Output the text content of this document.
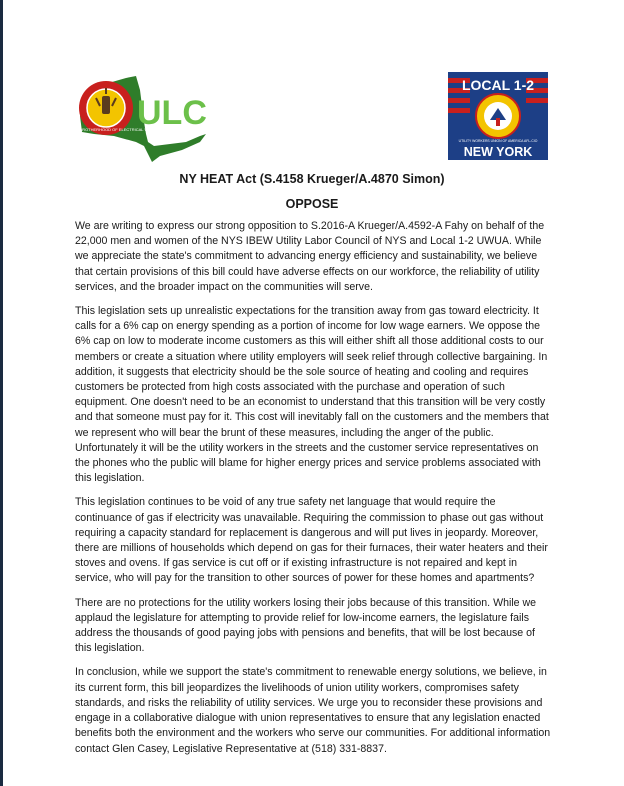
INTERNATIONAL BROTHERHOOD OF ELECTRICAL WORKERS
ULC
LOCAL 1-2
UTILITY WORKERS UNION OF AMERICA AFL-CIO
NEW YORK
NY HEAT Act (S.4158 Krueger/A.4870 Simon)
OPPOSE

We are writing to express our strong opposition to S.2016-A Krueger/A.4592-A Fahy on behalf of the 22,000 men and women of the NYS IBEW Utility Labor Council of NYS and Local 1-2 UWUA. While we appreciate the state's commitment to advancing energy efficiency and sustainability, we believe that certain provisions of this bill could have adverse effects on our workforce, the reliability of utility services, and the broader impact on the communities will serve.

This legislation sets up unrealistic expectations for the transition away from gas toward electricity. It calls for a 6% cap on energy spending as a portion of income for low wage earners. We oppose the 6% cap on low to moderate income customers as this will either shift all those additional costs to our members or create a situation where utility employers will seek relief through collective bargaining. In addition, it suggests that electricity should be the sole source of heating and cooling and requires customers be protected from high costs associated with the purchase and operation of such equipment. One doesn't need to be an economist to understand that this transition will be very costly and that someone must pay for it. This cost will inevitably fall on the customers and the members that we represent who will bear the brunt of these measures, including the anger of the public. Unfortunately it will be the utility workers in the streets and the customer service representatives on the phones who the public will blame for higher energy prices and service problems associated with this legislation.

This legislation continues to be void of any true safety net language that would require the continuance of gas if electricity was unavailable. Requiring the commission to phase out gas without requiring a capacity standard for replacement is dangerous and will put lives in jeopardy. Moreover, there are millions of households which depend on gas for their furnaces, their water heaters and their stoves and ovens. If gas service is cut off or if existing infrastructure is not repaired and kept in service, who will pay for the transition to other sources of power for these homes and apartments?

There are no protections for the utility workers losing their jobs because of this transition. While we applaud the legislature for attempting to provide relief for low-income earners, the legislature fails address the thousands of good paying jobs with pensions and benefits, that will be lost because of this legislation.

In conclusion, while we support the state's commitment to renewable energy solutions, we believe, in its current form, this bill jeopardizes the livelihoods of union utility workers, compromises safety standards, and risks the reliability of utility services. We urge you to reconsider these provisions and engage in a collaborative dialogue with union representatives to ensure that any legislation enacted benefits both the environment and the workers who serve our communities. For additional information contact Glen Casey, Legislative Representative at (518) 331-8837.
